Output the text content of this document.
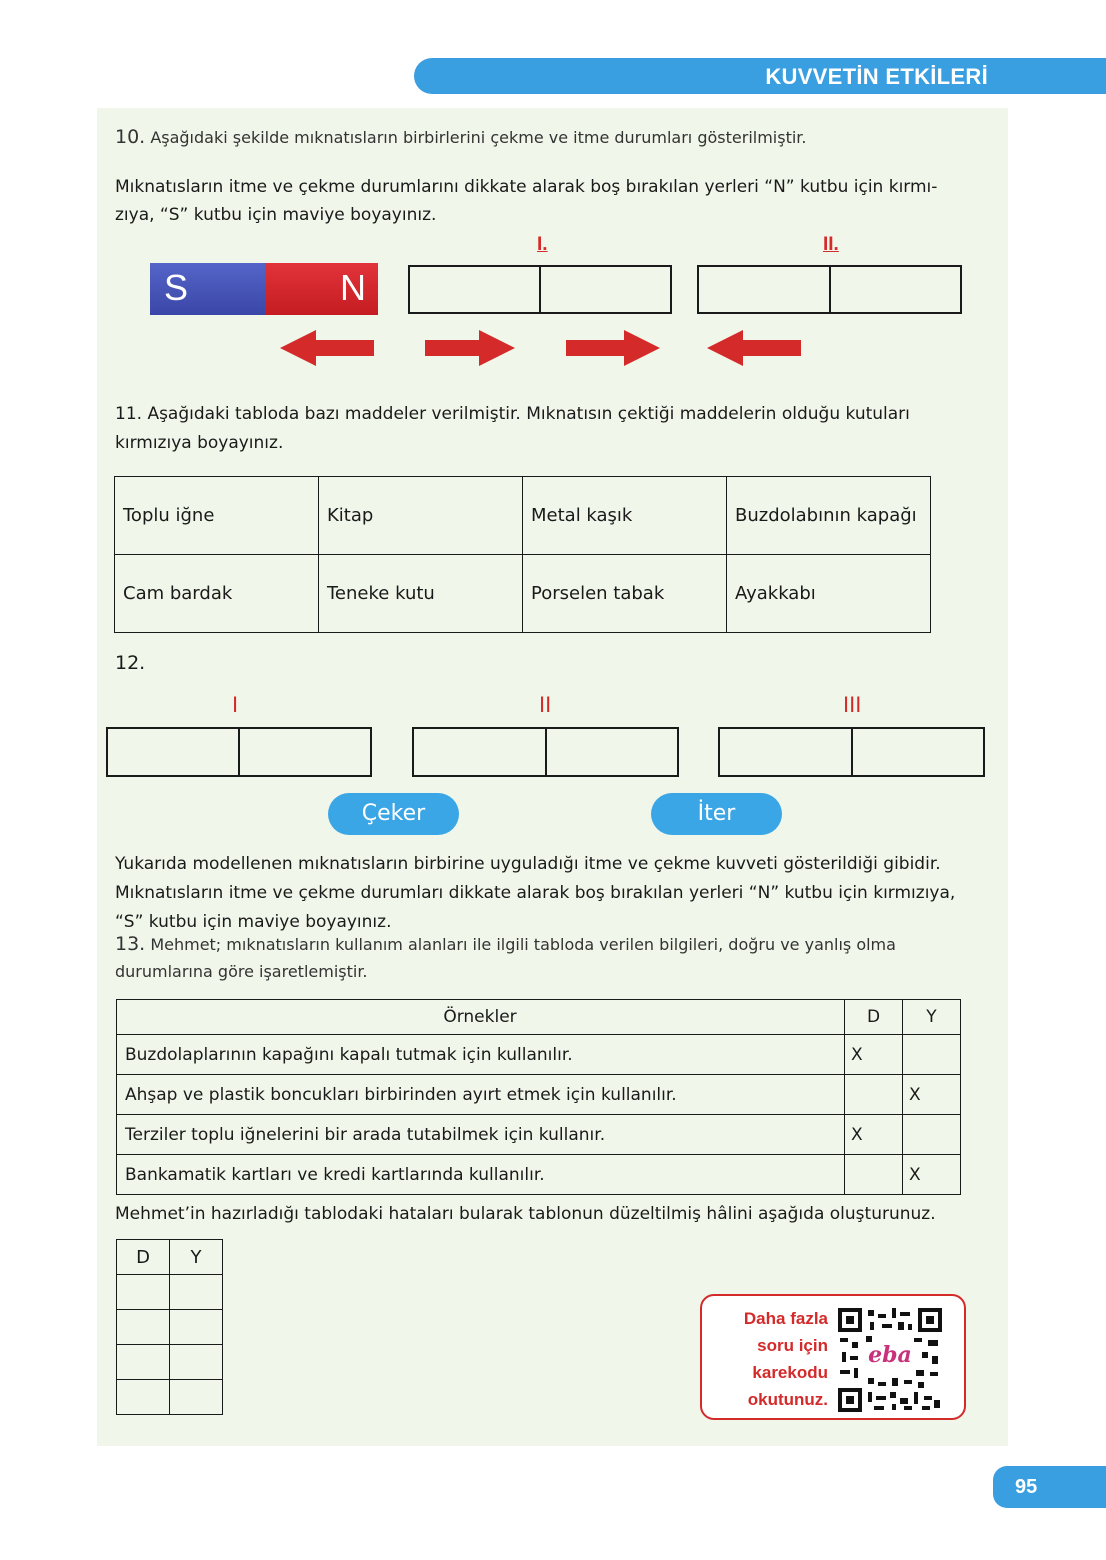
KUVVETİN ETKİLERİ
10. Aşağıdaki şekilde mıknatısların birbirlerini çekme ve itme durumları gösterilmiştir.
Mıknatısların itme ve çekme durumlarını dikkate alarak boş bırakılan yerleri “N” kutbu için kırmı-
zıya, “S” kutbu için maviye boyayınız.
I.	II.
S	N
11. Aşağıdaki tabloda bazı maddeler verilmiştir. Mıknatısın çektiği maddelerin olduğu kutuları
kırmızıya boyayınız.
Toplu iğne	Kitap	Metal kaşık	Buzdolabının kapağı
Cam bardak	Teneke kutu	Porselen tabak	Ayakkabı
12.
I	II	III
Çeker	İter
Yukarıda modellenen mıknatısların birbirine uyguladığı itme ve çekme kuvveti gösterildiği gibidir.
Mıknatısların itme ve çekme durumları dikkate alarak boş bırakılan yerleri “N” kutbu için kırmızıya,
“S” kutbu için maviye boyayınız.
13. Mehmet; mıknatısların kullanım alanları ile ilgili tabloda verilen bilgileri, doğru ve yanlış olma
durumlarına göre işaretlemiştir.
Örnekler	D	Y
Buzdolaplarının kapağını kapalı tutmak için kullanılır.	X	
Ahşap ve plastik boncukları birbirinden ayırt etmek için kullanılır.		X
Terziler toplu iğnelerini bir arada tutabilmek için kullanır.	X	
Bankamatik kartları ve kredi kartlarında kullanılır.		X
Mehmet’in hazırladığı tablodaki hataları bularak tablonun düzeltilmiş hâlini aşağıda oluşturunuz.
D	Y

Daha fazla
soru için
karekodu
okutunuz.
eba
95
